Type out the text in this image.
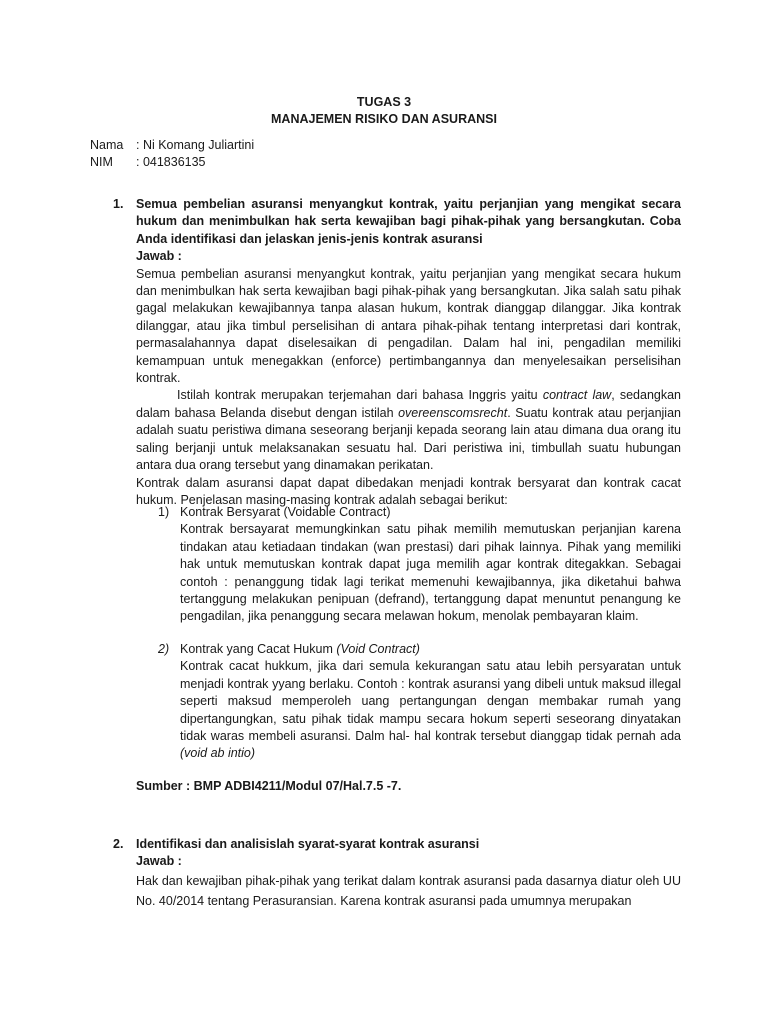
TUGAS 3
MANAJEMEN RISIKO DAN ASURANSI
Nama : Ni Komang Juliartini
NIM : 041836135
1. Semua pembelian asuransi menyangkut kontrak, yaitu perjanjian yang mengikat secara hukum dan menimbulkan hak serta kewajiban bagi pihak-pihak yang bersangkutan. Coba Anda identifikasi dan jelaskan jenis-jenis kontrak asuransi

Jawab :

Semua pembelian asuransi menyangkut kontrak, yaitu perjanjian yang mengikat secara hukum dan menimbulkan hak serta kewajiban bagi pihak-pihak yang bersangkutan. Jika salah satu pihak gagal melakukan kewajibannya tanpa alasan hukum, kontrak dianggap dilanggar. Jika kontrak dilanggar, atau jika timbul perselisihan di antara pihak-pihak tentang interpretasi dari kontrak, permasalahannya dapat diselesaikan di pengadilan. Dalam hal ini, pengadilan memiliki kemampuan untuk menegakkan (enforce) pertimbangannya dan menyelesaikan perselisihan kontrak.

Istilah kontrak merupakan terjemahan dari bahasa Inggris yaitu contract law, sedangkan dalam bahasa Belanda disebut dengan istilah overeenscomsrecht. Suatu kontrak atau perjanjian adalah suatu peristiwa dimana seseorang berjanji kepada seorang lain atau dimana dua orang itu saling berjanji untuk melaksanakan sesuatu hal. Dari peristiwa ini, timbullah suatu hubungan antara dua orang tersebut yang dinamakan perikatan.

Kontrak dalam asuransi dapat dapat dibedakan menjadi kontrak bersyarat dan kontrak cacat hukum. Penjelasan masing-masing kontrak adalah sebagai berikut:

1) Kontrak Bersyarat (Voidable Contract)

Kontrak bersayarat memungkinkan satu pihak memilih memutuskan perjanjian karena tindakan atau ketiadaan tindakan (wan prestasi) dari pihak lainnya. Pihak yang memiliki hak untuk memutuskan kontrak dapat juga memilih agar kontrak ditegakkan. Sebagai contoh : penanggung tidak lagi terikat memenuhi kewajibannya, jika diketahui bahwa tertanggung melakukan penipuan (defrand), tertanggung dapat menuntut penangung ke pengadilan, jika penanggung secara melawan hokum, menolak pembayaran klaim.

2) Kontrak yang Cacat Hukum (Void Contract)

Kontrak cacat hukkum, jika dari semula kekurangan satu atau lebih persyaratan untuk menjadi kontrak yyang berlaku. Contoh : kontrak asuransi yang dibeli untuk maksud illegal seperti maksud memperoleh uang pertangungan dengan membakar rumah yang dipertangungkan, satu pihak tidak mampu secara hokum seperti seseorang dinyatakan tidak waras membeli asuransi. Dalm hal- hal kontrak tersebut dianggap tidak pernah ada (void ab intio)

Sumber : BMP ADBI4211/Modul 07/Hal.7.5 -7.
2. Identifikasi dan analisislah syarat-syarat kontrak asuransi

Jawab :

Hak dan kewajiban pihak-pihak yang terikat dalam kontrak asuransi pada dasarnya diatur oleh UU No. 40/2014 tentang Perasuransian. Karena kontrak asuransi pada umumnya merupakan
